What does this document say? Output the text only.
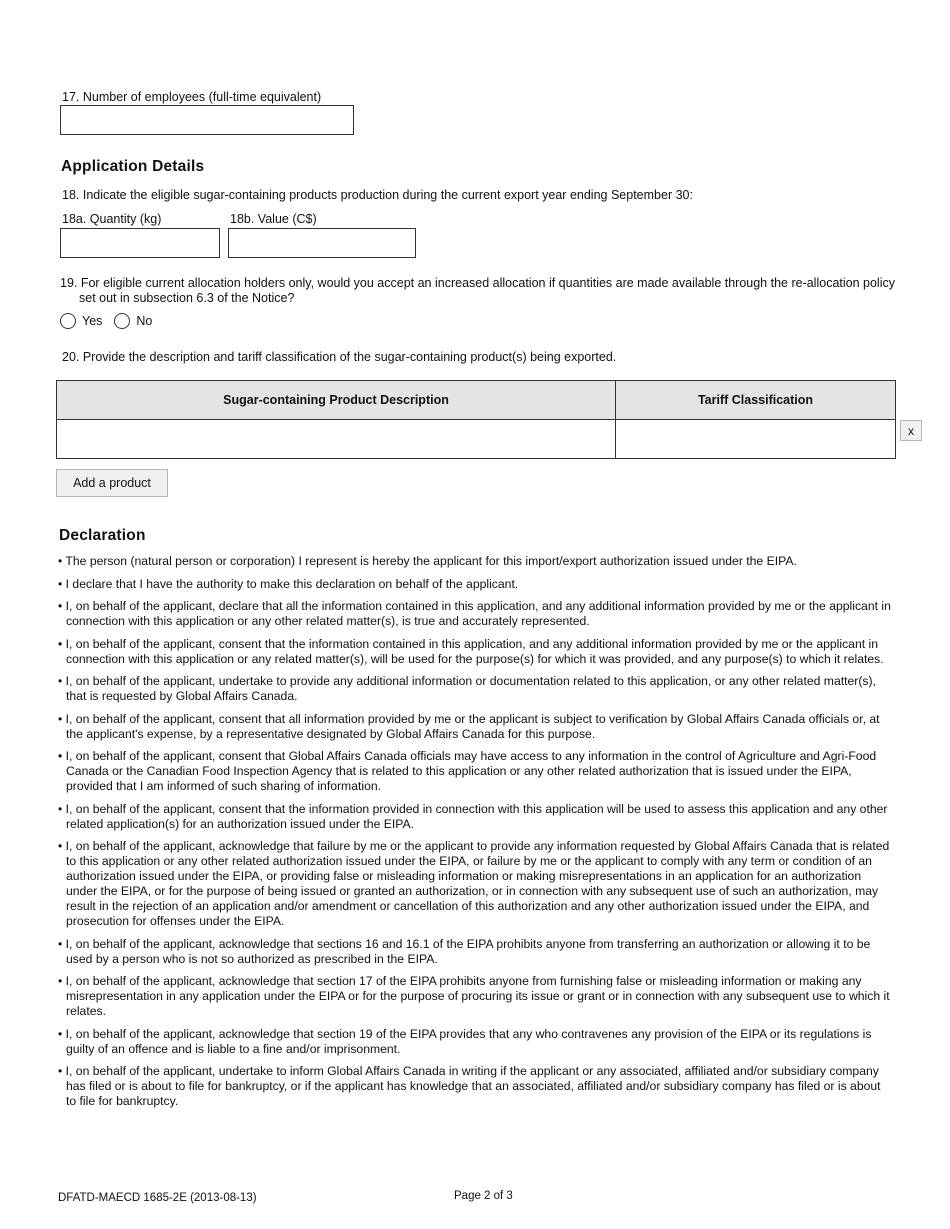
17. Number of employees (full-time equivalent)
Application Details
18. Indicate the eligible sugar-containing products production during the current export year ending September 30:
18a. Quantity (kg)	18b. Value (C$)
19. For eligible current allocation holders only, would you accept an increased allocation if quantities are made available through the re-allocation policy
set out in subsection 6.3 of the Notice?
Yes	No
20. Provide the description and tariff classification of the sugar-containing product(s) being exported.
Sugar-containing Product Description	Tariff Classification

x
Add a product
Declaration
• The person (natural person or corporation) I represent is hereby the applicant for this import/export authorization issued under the EIPA.
• I declare that I have the authority to make this declaration on behalf of the applicant.
• I, on behalf of the applicant, declare that all the information contained in this application, and any additional information provided by me or the applicant in connection with this application or any other related matter(s), is true and accurately represented.
• I, on behalf of the applicant, consent that the information contained in this application, and any additional information provided by me or the applicant in connection with this application or any related matter(s), will be used for the purpose(s) for which it was provided, and any purpose(s) to which it relates.
• I, on behalf of the applicant, undertake to provide any additional information or documentation related to this application, or any other related matter(s), that is requested by Global Affairs Canada.
• I, on behalf of the applicant, consent that all information provided by me or the applicant is subject to verification by Global Affairs Canada officials or, at the applicant's expense, by a representative designated by Global Affairs Canada for this purpose.
• I, on behalf of the applicant, consent that Global Affairs Canada officials may have access to any information in the control of Agriculture and Agri-Food Canada or the Canadian Food Inspection Agency that is related to this application or any other related authorization that is issued under the EIPA, provided that I am informed of such sharing of information.
• I, on behalf of the applicant, consent that the information provided in connection with this application will be used to assess this application and any other related application(s) for an authorization issued under the EIPA.
• I, on behalf of the applicant, acknowledge that failure by me or the applicant to provide any information requested by Global Affairs Canada that is related to this application or any other related authorization issued under the EIPA, or failure by me or the applicant to comply with any term or condition of an authorization issued under the EIPA, or providing false or misleading information or making misrepresentations in an application for an authorization under the EIPA, or for the purpose of being issued or granted an authorization, or in connection with any subsequent use of such an authorization, may result in the rejection of an application and/or amendment or cancellation of this authorization and any other authorization issued under the EIPA, and prosecution for offenses under the EIPA.
• I, on behalf of the applicant, acknowledge that sections 16 and 16.1 of the EIPA prohibits anyone from transferring an authorization or allowing it to be used by a person who is not so authorized as prescribed in the EIPA.
• I, on behalf of the applicant, acknowledge that section 17 of the EIPA prohibits anyone from furnishing false or misleading information or making any misrepresentation in any application under the EIPA or for the purpose of procuring its issue or grant or in connection with any subsequent use to which it relates.
• I, on behalf of the applicant, acknowledge that section 19 of the EIPA provides that any who contravenes any provision of the EIPA or its regulations is guilty of an offence and is liable to a fine and/or imprisonment.
• I, on behalf of the applicant, undertake to inform Global Affairs Canada in writing if the applicant or any associated, affiliated and/or subsidiary company has filed or is about to file for bankruptcy, or if the applicant has knowledge that an associated, affiliated and/or subsidiary company has filed or is about to file for bankruptcy.
DFATD-MAECD 1685-2E (2013-08-13)	Page 2 of 3
